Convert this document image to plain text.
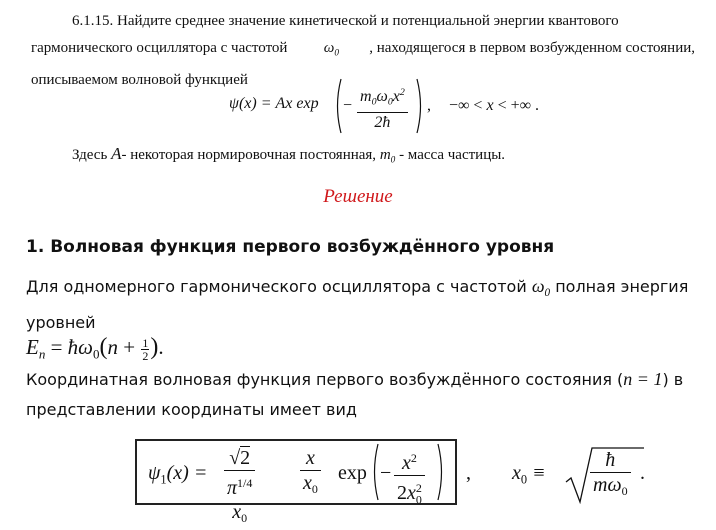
6.1.15. Найдите среднее значение кинетической и потенциальной энергии квантового
гармонического осциллятора с частотой $\omega_0$ , находящегося в первом возбужденном состоянии,
описываемом волновой функцией
ψ(x) = Ax $\exp - \frac{m_0\omega_0x^2}{2ħ}$ , −∞ < x < +∞ .
Здесь A- некоторая нормировочная постоянная, $m_0$ - масса частицы.
Решение
1. Волновая функция первого возбуждённого уровня
Для одномерного гармонического осциллятора с частотой $\omega_0$ полная энергия
уровней
$E_n$ = $ħ\omega_0(n + \frac{1}{2}$ ).
Координатная волновая функция первого возбуждённого состояния (n = 1) в
представлении координаты имеет вид
$\psi_1(x) = \frac{√2}{\pi^{1/4} x_0} \frac{x}{x_0}$ $\exp - \frac{x^2}{2x_0^2}$ , $x_0 \equiv \frac{ħ}{m\omega_0}$ .
